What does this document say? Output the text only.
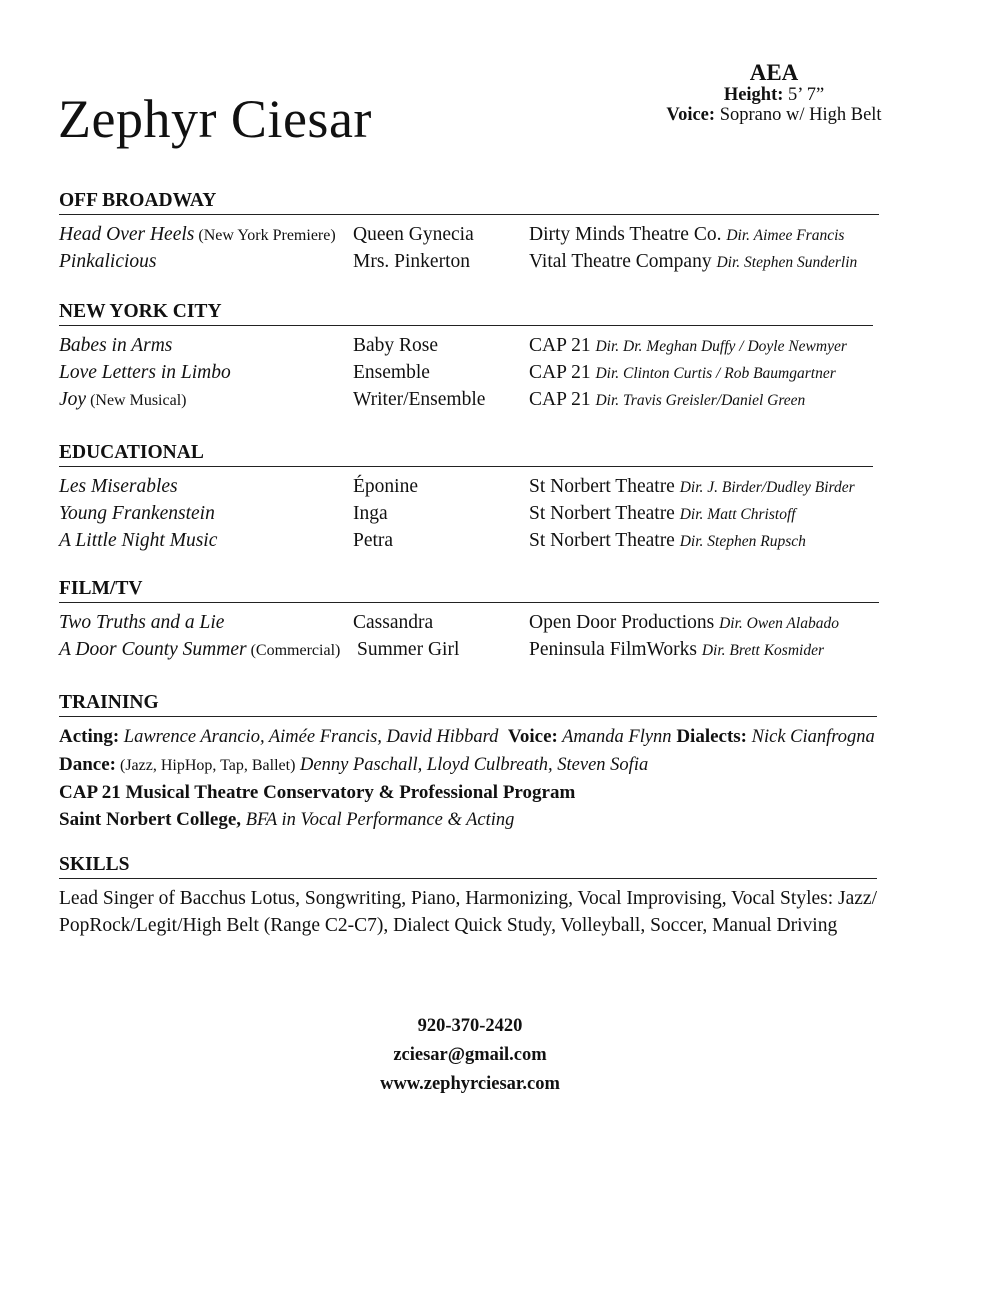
Zephyr Ciesar
AEA
Height: 5’ 7”
Voice: Soprano w/ High Belt
OFF BROADWAY
Head Over Heels (New York Premiere) Queen Gynecia	Dirty Minds Theatre Co. Dir. Aimee Francis
Pinkalicious	Mrs. Pinkerton	Vital Theatre Company Dir. Stephen Sunderlin
NEW YORK CITY
Babes in Arms	Baby Rose	CAP 21 Dir. Dr. Meghan Duffy / Doyle Newmyer
Love Letters in Limbo	Ensemble	CAP 21 Dir. Clinton Curtis / Rob Baumgartner
Joy (New Musical)	Writer/Ensemble CAP 21 Dir. Travis Greisler/Daniel Green
EDUCATIONAL
Les Miserables	Éponine	St Norbert Theatre Dir. J. Birder/Dudley Birder
Young Frankenstein	Inga	St Norbert Theatre Dir. Matt Christoff
A Little Night Music	Petra	St Norbert Theatre Dir. Stephen Rupsch
FILM/TV
Two Truths and a Lie	Cassandra	Open Door Productions Dir. Owen Alabado
A Door County Summer (Commercial) Summer Girl	Peninsula FilmWorks Dir. Brett Kosmider
TRAINING
Acting: Lawrence Arancio, Aimée Francis, David Hibbard Voice: Amanda Flynn Dialects: Nick Cianfrogna
Dance: (Jazz, HipHop, Tap, Ballet) Denny Paschall, Lloyd Culbreath, Steven Sofia
CAP 21 Musical Theatre Conservatory & Professional Program
Saint Norbert College, BFA in Vocal Performance & Acting
SKILLS
Lead Singer of Bacchus Lotus, Songwriting, Piano, Harmonizing, Vocal Improvising, Vocal Styles: Jazz/
PopRock/Legit/High Belt (Range C2-C7), Dialect Quick Study, Volleyball, Soccer, Manual Driving
920-370-2420
zciesar@gmail.com
www.zephyrciesar.com
